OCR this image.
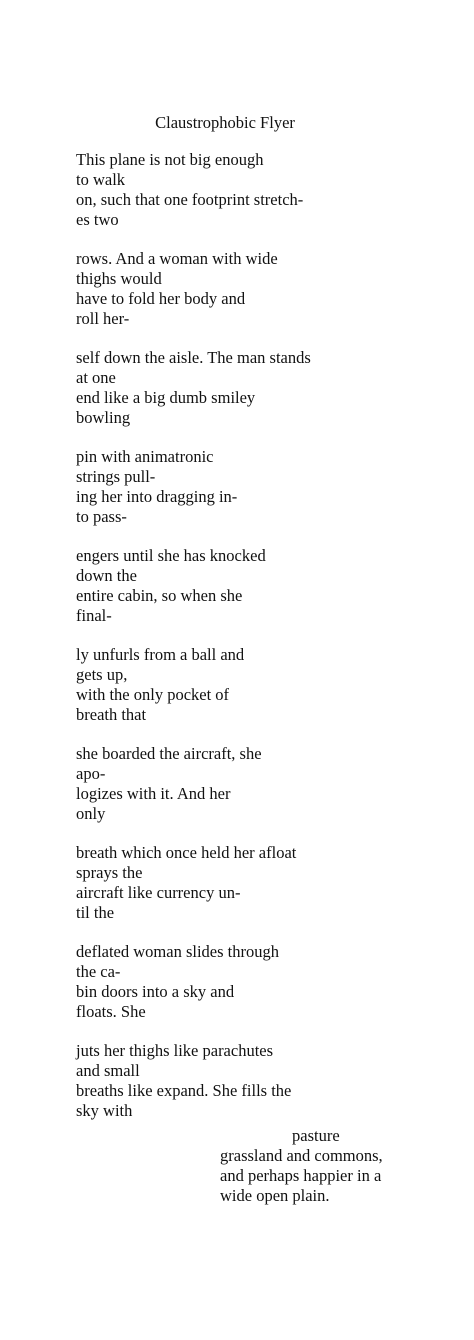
Claustrophobic Flyer
This plane is not big enough
to walk
on, such that one footprint stretch-
es two
rows. And a woman with wide
thighs would
have to fold her body and
roll her-
self down the aisle. The man stands
at one
end like a big dumb smiley
bowling
pin with animatronic
strings pull-
ing her into dragging in-
to pass-
engers until she has knocked
down the
entire cabin, so when she
final-
ly unfurls from a ball and
gets up,
with the only pocket of
breath that
she boarded the aircraft, she
apo-
logizes with it. And her
only
breath which once held her afloat
sprays the
aircraft like currency un-
til the
deflated woman slides through
the ca-
bin doors into a sky and
floats. She
juts her thighs like parachutes
and small
breaths like expand. She fills the
sky with
pasture
grassland and commons,
and perhaps happier in a
wide open plain.
